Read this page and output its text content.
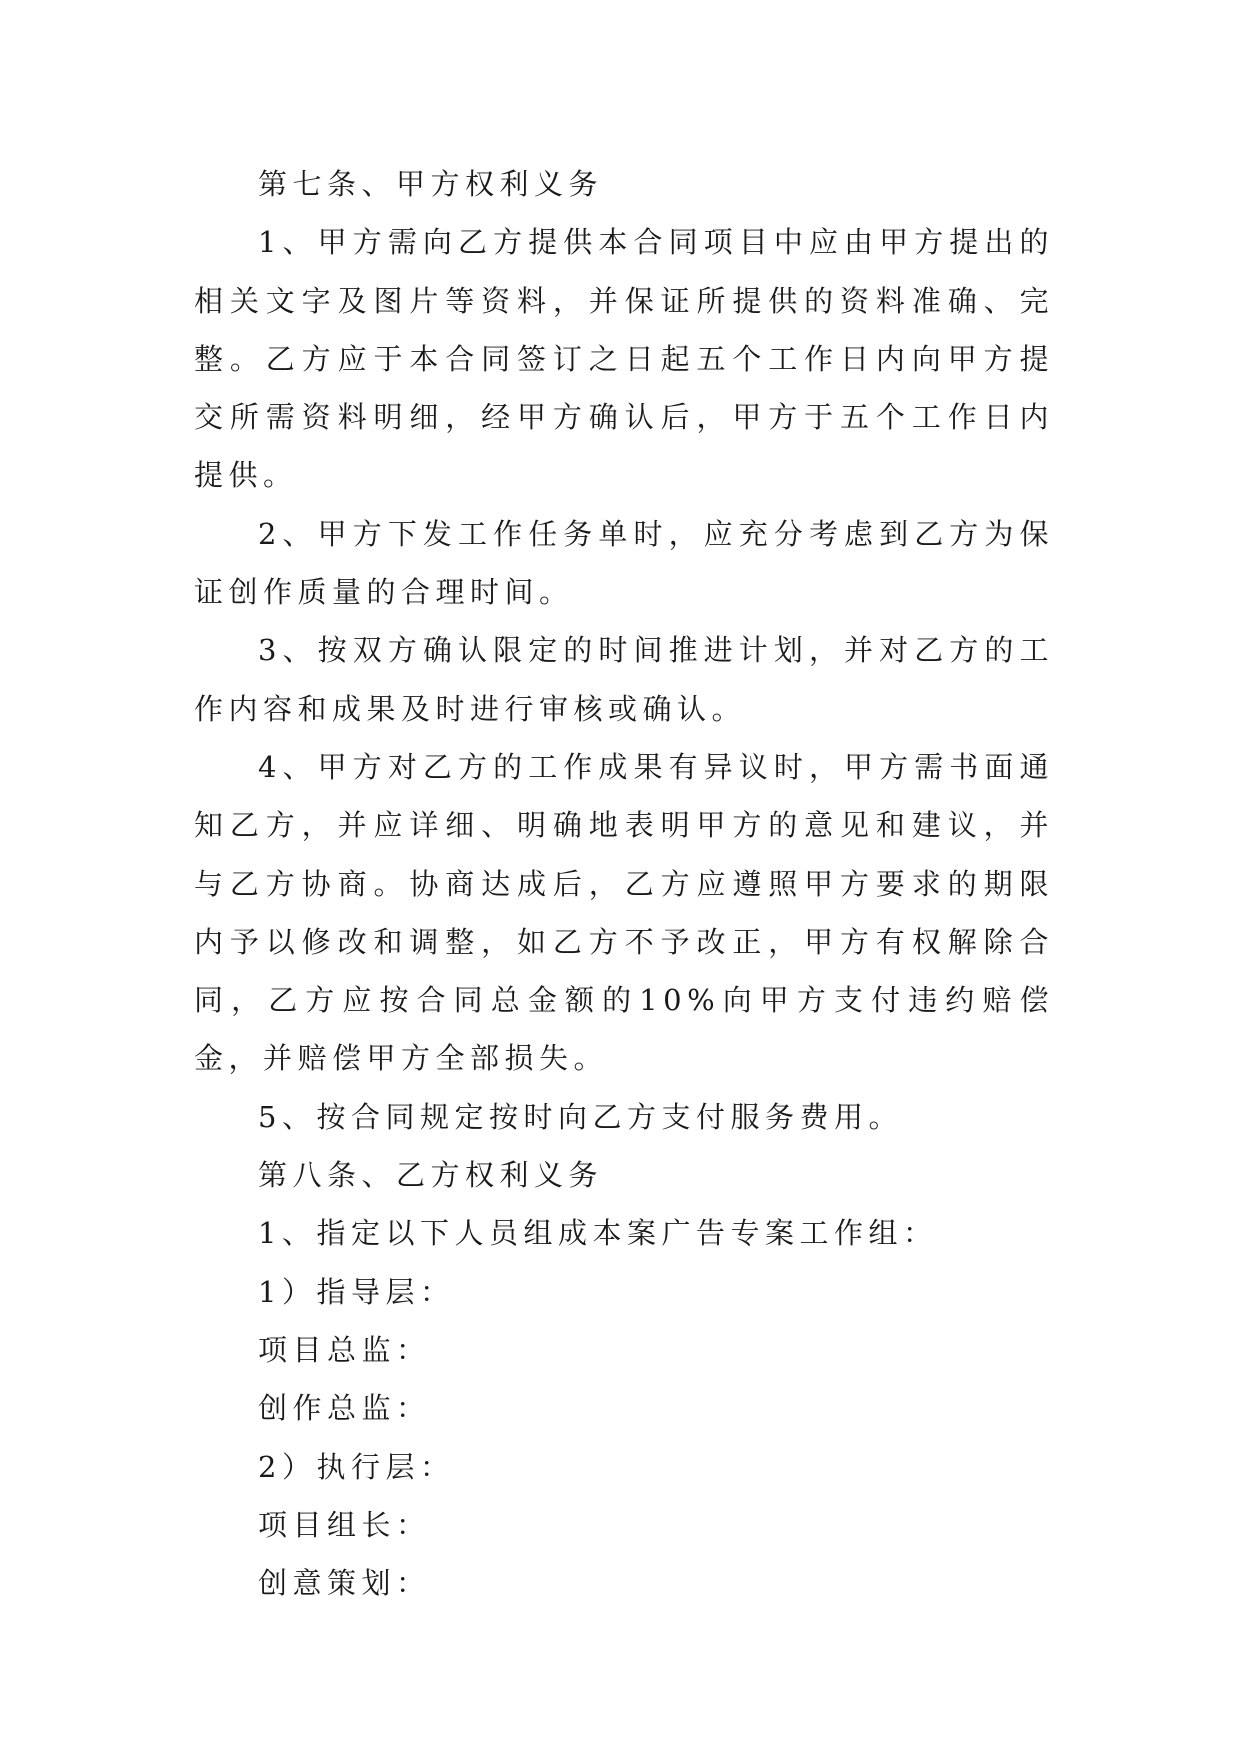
第七条、甲方权利义务

1、甲方需向乙方提供本合同项目中应由甲方提出的相关文字及图片等资料，并保证所提供的资料准确、完整。乙方应于本合同签订之日起五个工作日内向甲方提交所需资料明细，经甲方确认后，甲方于五个工作日内提供。

2、甲方下发工作任务单时，应充分考虑到乙方为保证创作质量的合理时间。

3、按双方确认限定的时间推进计划，并对乙方的工作内容和成果及时进行审核或确认。

4、甲方对乙方的工作成果有异议时，甲方需书面通知乙方，并应详细、明确地表明甲方的意见和建议，并与乙方协商。协商达成后，乙方应遵照甲方要求的期限内予以修改和调整，如乙方不予改正，甲方有权解除合同，乙方应按合同总金额的10%向甲方支付违约赔偿金，并赔偿甲方全部损失。

5、按合同规定按时向乙方支付服务费用。

第八条、乙方权利义务

1、指定以下人员组成本案广告专案工作组：

1）指导层：

项目总监：

创作总监：

2）执行层：

项目组长：

创意策划：
